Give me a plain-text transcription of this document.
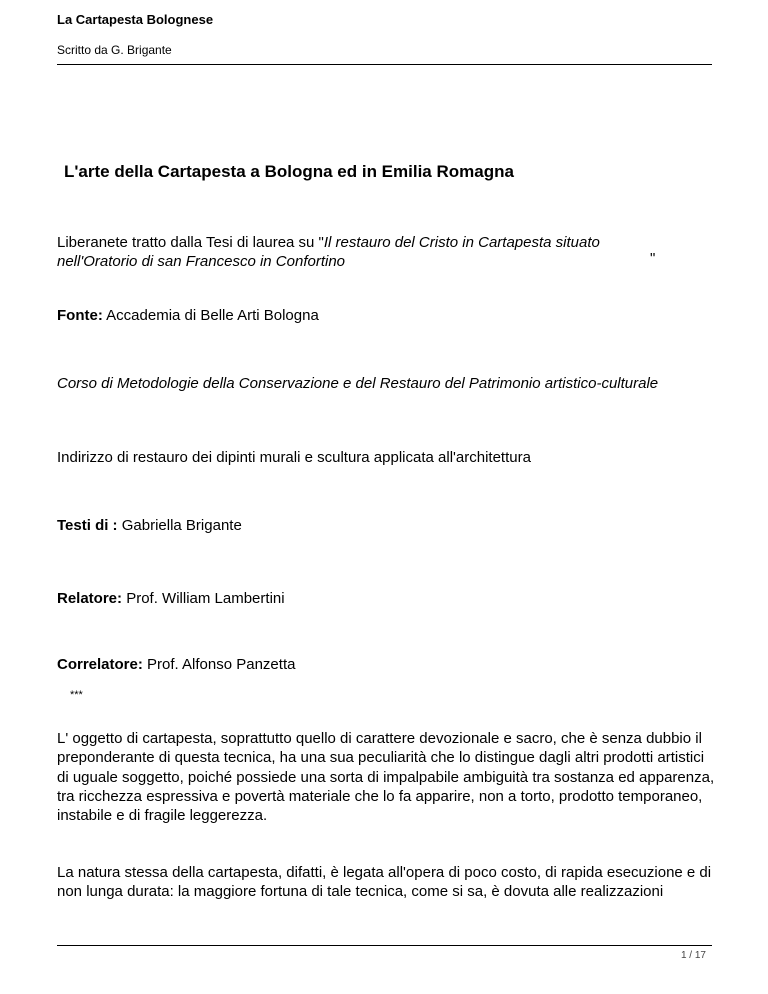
La Cartapesta Bolognese
Scritto da G. Brigante
L'arte della Cartapesta a Bologna ed in Emilia Romagna
Liberanete tratto dalla Tesi di laurea su "Il restauro del Cristo in Cartapesta situato
nell'Oratorio di san Francesco in Confortino	"
Fonte: Accademia di Belle Arti Bologna
Corso di Metodologie della Conservazione e del Restauro del Patrimonio artistico-culturale
Indirizzo di restauro dei dipinti murali e scultura applicata all'architettura
Testi di : Gabriella Brigante
Relatore: Prof. William Lambertini
Correlatore: Prof. Alfonso Panzetta
***
L' oggetto di cartapesta, soprattutto quello di carattere devozionale e sacro, che è senza dubbio il preponderante di questa tecnica, ha una sua peculiarità che lo distingue dagli altri prodotti artistici di uguale soggetto, poiché possiede una sorta di impalpabile ambiguità tra sostanza ed apparenza, tra ricchezza espressiva e povertà materiale che lo fa apparire, non a torto, prodotto temporaneo, instabile e di fragile leggerezza.
La natura stessa della cartapesta, difatti, è legata all'opera di poco costo, di rapida esecuzione e di non lunga durata: la maggiore fortuna di tale tecnica, come si sa, è dovuta alle realizzazioni
1 / 17
